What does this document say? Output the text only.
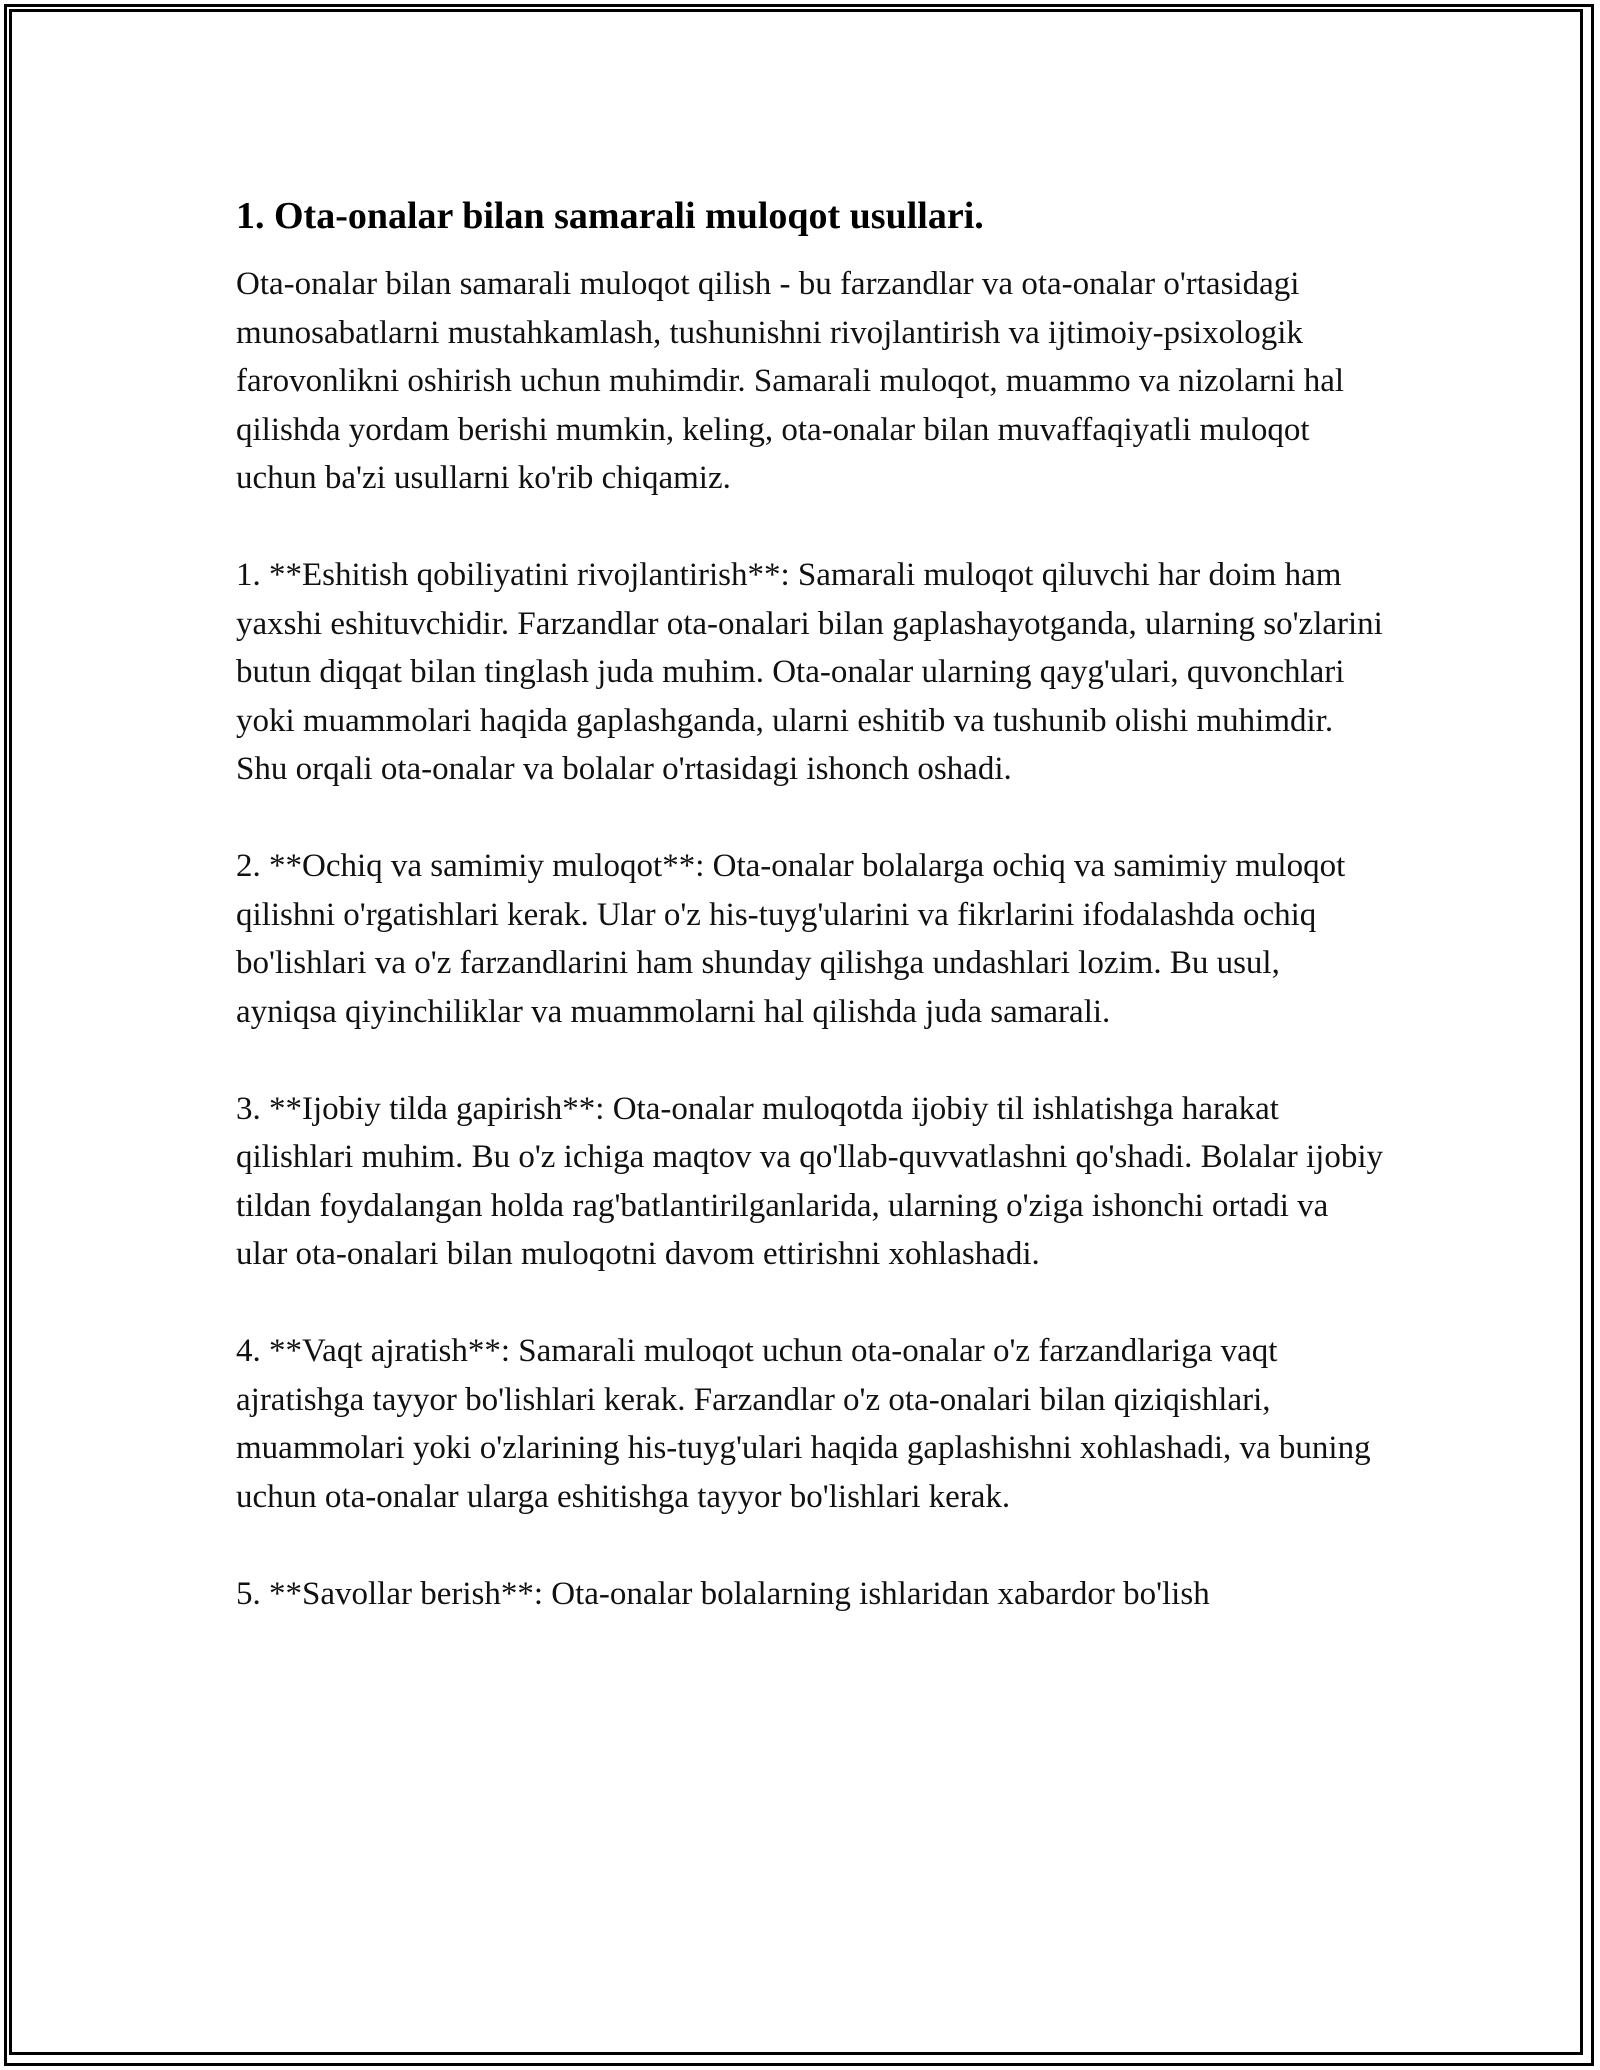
1. Ota-onalar bilan samarali muloqot usullari.

Ota-onalar bilan samarali muloqot qilish - bu farzandlar va ota-onalar o'rtasidagi munosabatlarni mustahkamlash, tushunishni rivojlantirish va ijtimoiy-psixologik farovonlikni oshirish uchun muhimdir. Samarali muloqot, muammo va nizolarni hal qilishda yordam berishi mumkin, keling, ota-onalar bilan muvaffaqiyatli muloqot uchun ba'zi usullarni ko'rib chiqamiz.

1. **Eshitish qobiliyatini rivojlantirish**: Samarali muloqot qiluvchi har doim ham yaxshi eshituvchidir. Farzandlar ota-onalari bilan gaplashayotganda, ularning so'zlarini butun diqqat bilan tinglash juda muhim. Ota-onalar ularning qayg'ulari, quvonchlari yoki muammolari haqida gaplashganda, ularni eshitib va tushunib olishi muhimdir. Shu orqali ota-onalar va bolalar o'rtasidagi ishonch oshadi.

2. **Ochiq va samimiy muloqot**: Ota-onalar bolalarga ochiq va samimiy muloqot qilishni o'rgatishlari kerak. Ular o'z his-tuyg'ularini va fikrlarini ifodalashda ochiq bo'lishlari va o'z farzandlarini ham shunday qilishga undashlari lozim. Bu usul, ayniqsa qiyinchiliklar va muammolarni hal qilishda juda samarali.

3. **Ijobiy tilda gapirish**: Ota-onalar muloqotda ijobiy til ishlatishga harakat qilishlari muhim. Bu o'z ichiga maqtov va qo'llab-quvvatlashni qo'shadi. Bolalar ijobiy tildan foydalangan holda rag'batlantirilganlarida, ularning o'ziga ishonchi ortadi va ular ota-onalari bilan muloqotni davom ettirishni xohlashadi.

4. **Vaqt ajratish**: Samarali muloqot uchun ota-onalar o'z farzandlariga vaqt ajratishga tayyor bo'lishlari kerak. Farzandlar o'z ota-onalari bilan qiziqishlari, muammolari yoki o'zlarining his-tuyg'ulari haqida gaplashishni xohlashadi, va buning uchun ota-onalar ularga eshitishga tayyor bo'lishlari kerak.

5. **Savollar berish**: Ota-onalar bolalarning ishlaridan xabardor bo'lish
